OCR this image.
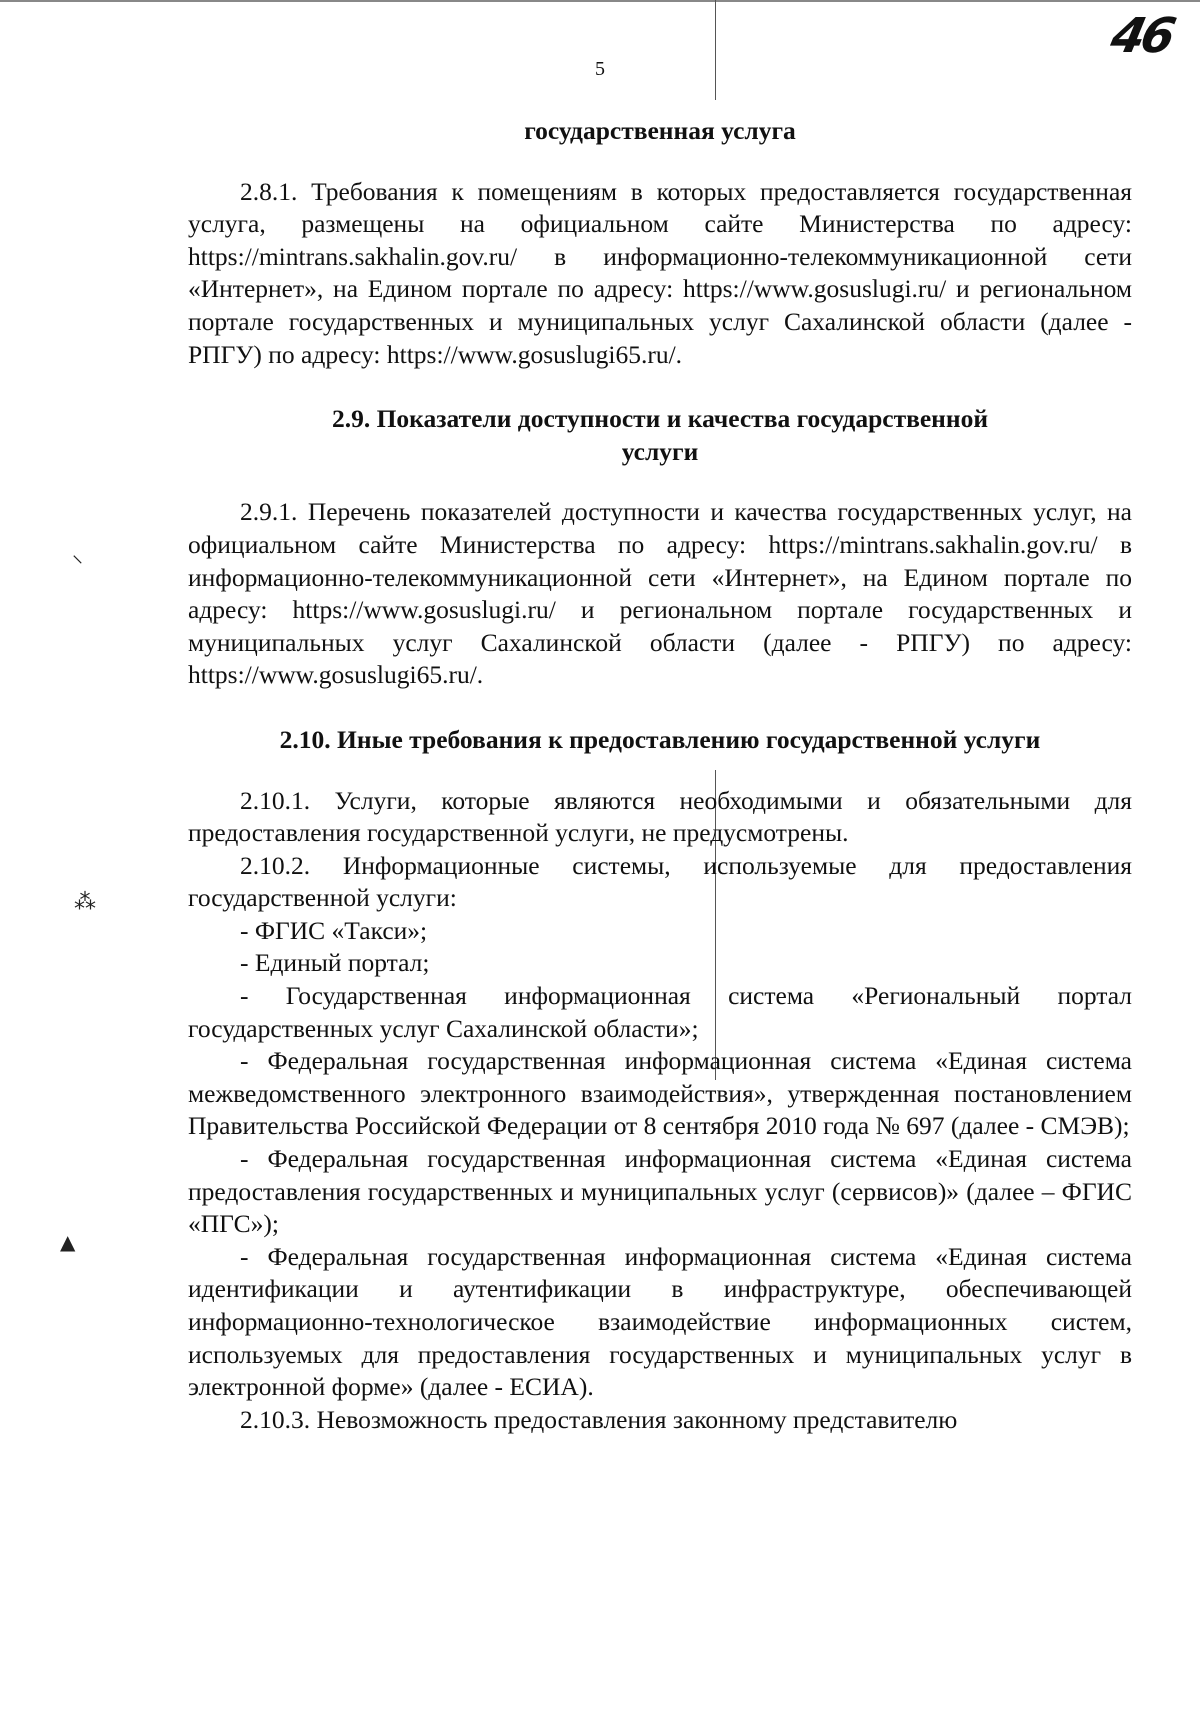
5
46
⸌
⁂
▲

государственная услуга

2.8.1. Требования к помещениям в которых предоставляется государственная услуга, размещены на официальном сайте Министерства по адресу: https://mintrans.sakhalin.gov.ru/ в информационно-телекоммуникационной сети «Интернет», на Едином портале по адресу: https://www.gosuslugi.ru/ и региональном портале государственных и муниципальных услуг Сахалинской области (далее - РПГУ) по адресу: https://www.gosuslugi65.ru/.

2.9. Показатели доступности и качества государственной

услуги

2.9.1. Перечень показателей доступности и качества государственных услуг, на официальном сайте Министерства по адресу: https://mintrans.sakhalin.gov.ru/ в информационно-телекоммуникационной сети «Интернет», на Едином портале по адресу: https://www.gosuslugi.ru/ и региональном портале государственных и муниципальных услуг Сахалинской области (далее - РПГУ) по адресу: https://www.gosuslugi65.ru/.

2.10. Иные требования к предоставлению государственной услуги

2.10.1. Услуги, которые являются необходимыми и обязательными для предоставления государственной услуги, не предусмотрены.

2.10.2. Информационные системы, используемые для предоставления государственной услуги:

- ФГИС «Такси»;

- Единый портал;

- Государственная информационная система «Региональный портал государственных услуг Сахалинской области»;

- Федеральная государственная информационная система «Единая система межведомственного электронного взаимодействия», утвержденная постановлением Правительства Российской Федерации от 8 сентября 2010 года № 697 (далее - СМЭВ);

- Федеральная государственная информационная система «Единая система предоставления государственных и муниципальных услуг (сервисов)» (далее – ФГИС «ПГС»);

- Федеральная государственная информационная система «Единая система идентификации и аутентификации в инфраструктуре, обеспечивающей информационно-технологическое взаимодействие информационных систем, используемых для предоставления государственных и муниципальных услуг в электронной форме» (далее - ЕСИА).

2.10.3. Невозможность предоставления законному представителю
